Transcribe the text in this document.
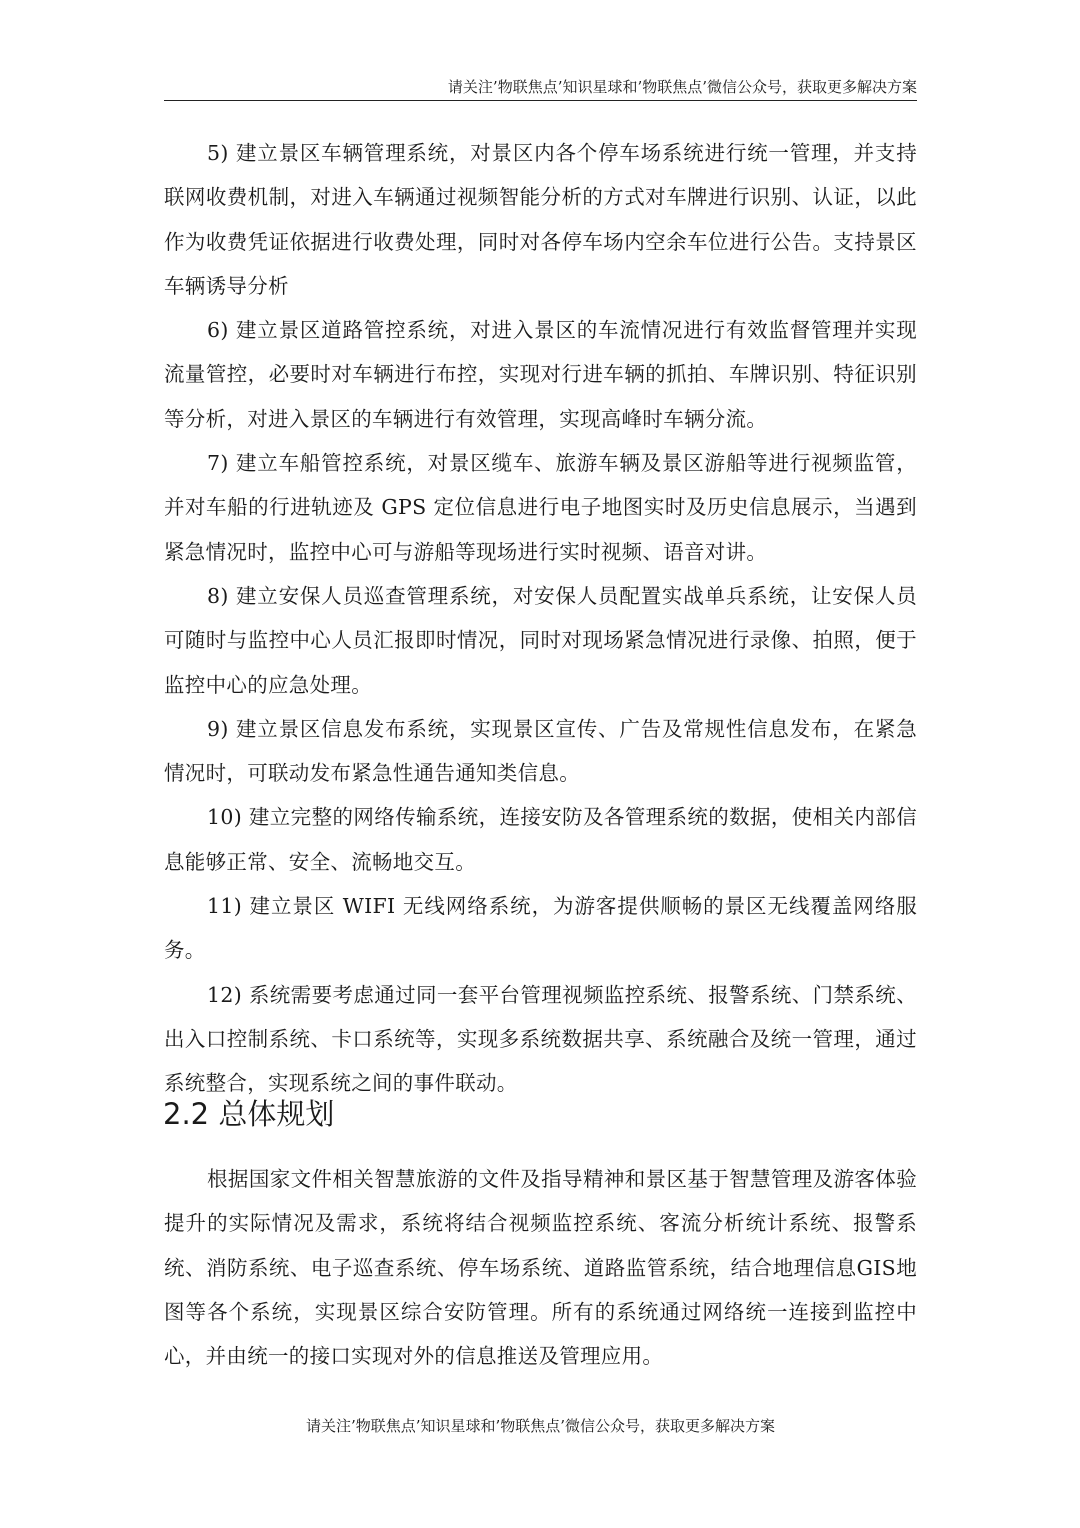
请关注’物联焦点’知识星球和’物联焦点’微信公众号，获取更多解决方案

5) 建立景区车辆管理系统，对景区内各个停车场系统进行统一管理，并支持联网收费机制，对进入车辆通过视频智能分析的方式对车牌进行识别、认证，以此作为收费凭证依据进行收费处理，同时对各停车场内空余车位进行公告。支持景区车辆诱导分析

6) 建立景区道路管控系统，对进入景区的车流情况进行有效监督管理并实现流量管控，必要时对车辆进行布控，实现对行进车辆的抓拍、车牌识别、特征识别等分析，对进入景区的车辆进行有效管理，实现高峰时车辆分流。

7) 建立车船管控系统，对景区缆车、旅游车辆及景区游船等进行视频监管，并对车船的行进轨迹及 GPS 定位信息进行电子地图实时及历史信息展示，当遇到紧急情况时，监控中心可与游船等现场进行实时视频、语音对讲。

8) 建立安保人员巡查管理系统，对安保人员配置实战单兵系统，让安保人员可随时与监控中心人员汇报即时情况，同时对现场紧急情况进行录像、拍照，便于监控中心的应急处理。

9) 建立景区信息发布系统，实现景区宣传、广告及常规性信息发布，在紧急情况时，可联动发布紧急性通告通知类信息。

10) 建立完整的网络传输系统，连接安防及各管理系统的数据，使相关内部信息能够正常、安全、流畅地交互。

11) 建立景区 WIFI 无线网络系统，为游客提供顺畅的景区无线覆盖网络服务。

12) 系统需要考虑通过同一套平台管理视频监控系统、报警系统、门禁系统、出入口控制系统、卡口系统等，实现多系统数据共享、系统融合及统一管理，通过系统整合，实现系统之间的事件联动。

2.2 总体规划

根据国家文件相关智慧旅游的文件及指导精神和景区基于智慧管理及游客体验提升的实际情况及需求，系统将结合视频监控系统、客流分析统计系统、报警系统、消防系统、电子巡查系统、停车场系统、道路监管系统，结合地理信息GIS地图等各个系统，实现景区综合安防管理。所有的系统通过网络统一连接到监控中心，并由统一的接口实现对外的信息推送及管理应用。

请关注’物联焦点’知识星球和’物联焦点’微信公众号，获取更多解决方案
